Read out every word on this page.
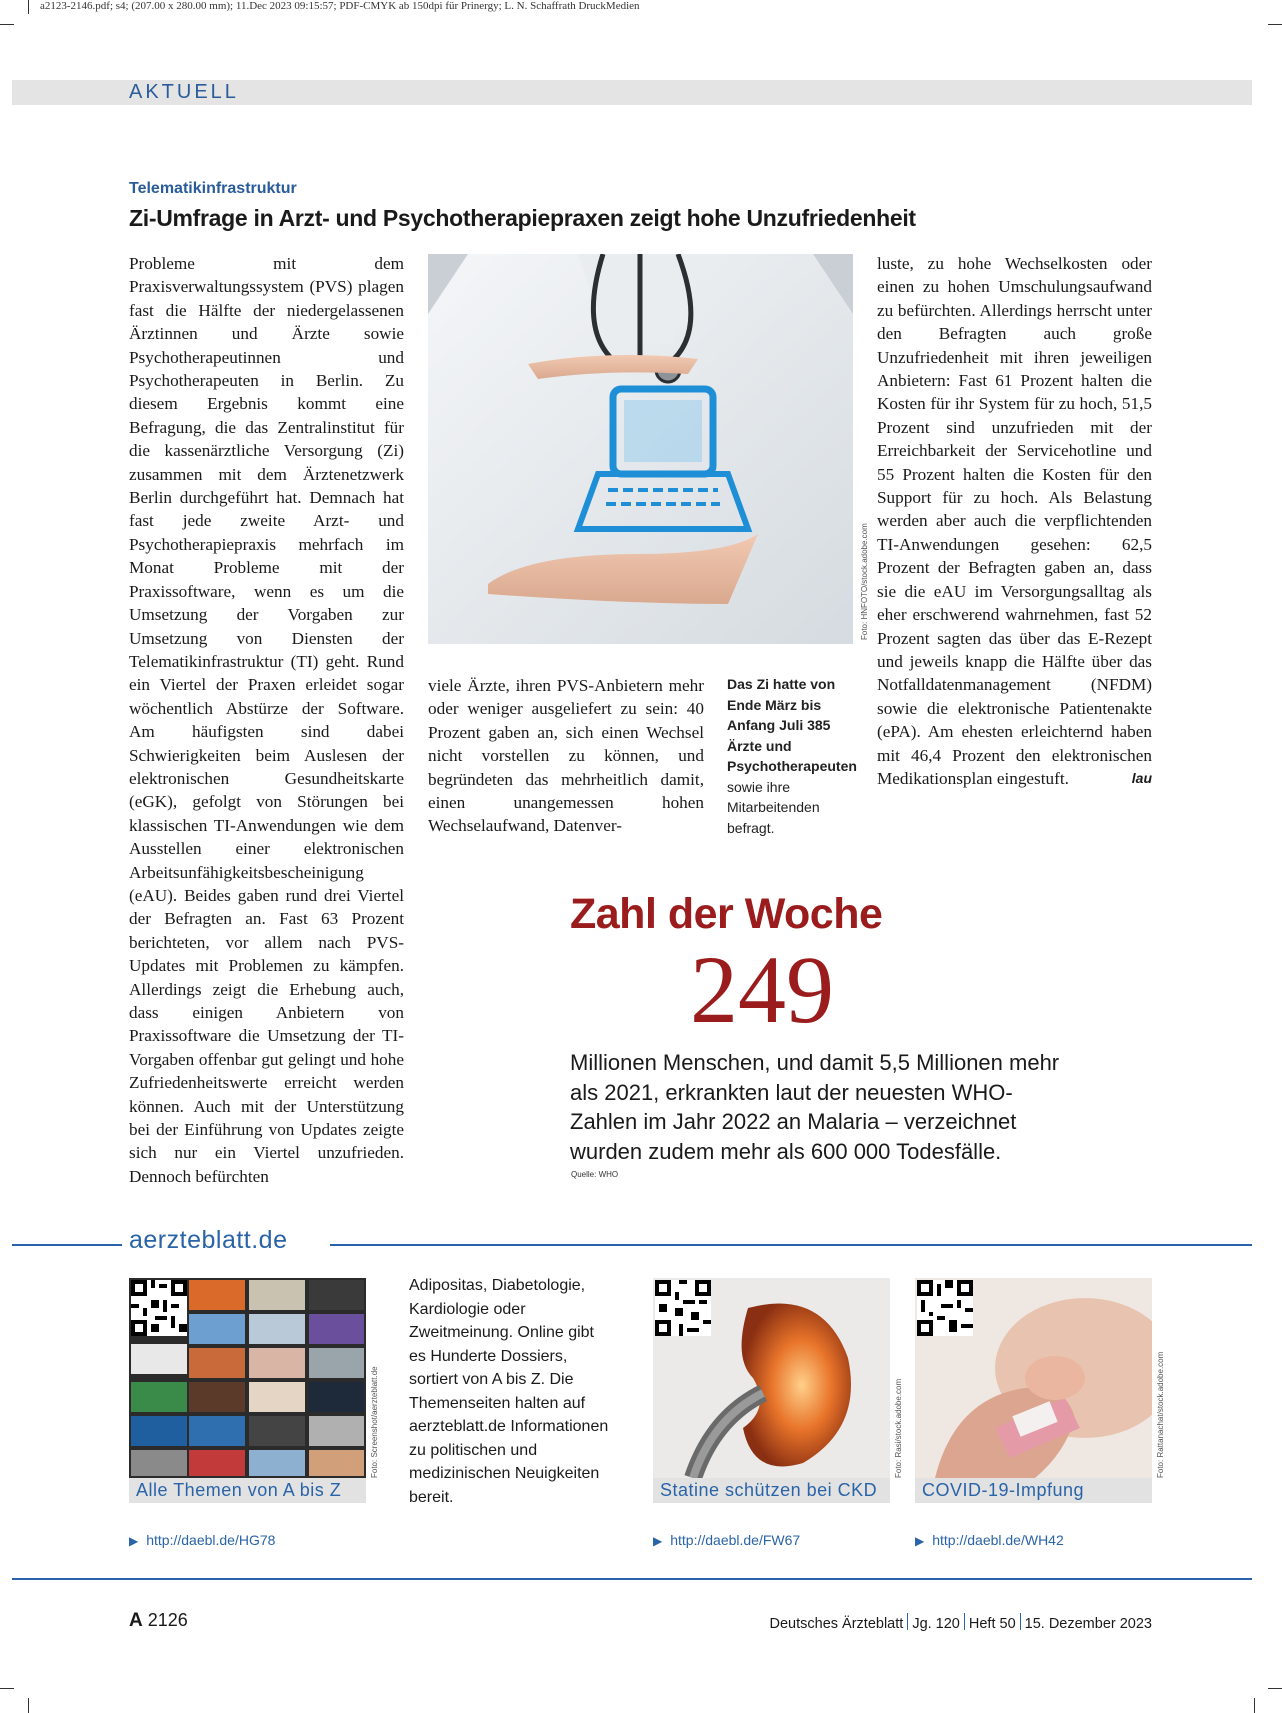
a2123-2146.pdf; s4; (207.00 x 280.00 mm); 11.Dec 2023 09:15:57; PDF-CMYK ab 150dpi für Prinergy; L. N. Schaffrath DruckMedien
AKTUELL
Telematikinfrastruktur
Zi-Umfrage in Arzt- und Psychotherapiepraxen zeigt hohe Unzufriedenheit
Probleme mit dem Praxisverwaltungssystem (PVS) plagen fast die Hälfte der niedergelassenen Ärztinnen und Ärzte sowie Psychotherapeutinnen und Psychotherapeuten in Berlin. Zu diesem Ergebnis kommt eine Befragung, die das Zentralinstitut für die kassenärztliche Versorgung (Zi) zusammen mit dem Ärztenetzwerk Berlin durchgeführt hat. Demnach hat fast jede zweite Arzt- und Psychotherapiepraxis mehrfach im Monat Probleme mit der Praxissoftware, wenn es um die Umsetzung der Vorgaben zur Umsetzung von Diensten der Telematikinfrastruktur (TI) geht. Rund ein Viertel der Praxen erleidet sogar wöchentlich Abstürze der Software. Am häufigsten sind dabei Schwierigkeiten beim Auslesen der elektronischen Gesundheitskarte (eGK), gefolgt von Störungen bei klassischen TI-Anwendungen wie dem Ausstellen einer elektronischen Arbeitsunfähigkeitsbescheinigung (eAU). Beides gaben rund drei Viertel der Befragten an. Fast 63 Prozent berichteten, vor allem nach PVS-Updates mit Problemen zu kämpfen. Allerdings zeigt die Erhebung auch, dass einigen Anbietern von Praxissoftware die Umsetzung der TI-Vorgaben offenbar gut gelingt und hohe Zufriedenheitswerte erreicht werden können. Auch mit der Unterstützung bei der Einführung von Updates zeigte sich nur ein Viertel unzufrieden. Dennoch befürchten
Foto: HNFOTO/stock.adobe.com
viele Ärzte, ihren PVS-Anbietern mehr oder weniger ausgeliefert zu sein: 40 Prozent gaben an, sich einen Wechsel nicht vorstellen zu können, und begründeten das mehrheitlich damit, einen unangemessen hohen Wechselaufwand, Datenver-
Das Zi hatte von Ende März bis Anfang Juli 385 Ärzte und Psychotherapeuten sowie ihre Mitarbeitenden befragt.
luste, zu hohe Wechselkosten oder einen zu hohen Umschulungsaufwand zu befürchten. Allerdings herrscht unter den Befragten auch große Unzufriedenheit mit ihren jeweiligen Anbietern: Fast 61 Prozent halten die Kosten für ihr System für zu hoch, 51,5 Prozent sind unzufrieden mit der Erreichbarkeit der Servicehotline und 55 Prozent halten die Kosten für den Support für zu hoch. Als Belastung werden aber auch die verpflichtenden TI-Anwendungen gesehen: 62,5 Prozent der Befragten gaben an, dass sie die eAU im Versorgungsalltag als eher erschwerend wahrnehmen, fast 52 Prozent sagten das über das E-Rezept und jeweils knapp die Hälfte über das Notfalldatenmanagement (NFDM) sowie die elektronische Patientenakte (ePA). Am ehesten erleichternd haben mit 46,4 Prozent den elektronischen Medikationsplan eingestuft.	lau
Zahl der Woche
249
Millionen Menschen, und damit 5,5 Millionen mehr als 2021, erkrankten laut der neuesten WHO-Zahlen im Jahr 2022 an Malaria – verzeichnet wurden zudem mehr als 600 000 Todesfälle.
Quelle: WHO
aerzteblatt.de
Foto: Screenshot/aerzteblatt.de
Alle Themen von A bis Z
▶ http://daebl.de/HG78
Adipositas, Diabetologie, Kardiologie oder Zweitmeinung. Online gibt es Hunderte Dossiers, sortiert von A bis Z. Die Themenseiten halten auf aerzteblatt.de Informationen zu politischen und medizinischen Neuigkeiten bereit.
Foto: Rasi/stock.adobe.com
Statine schützen bei CKD
▶ http://daebl.de/FW67
Foto: Rattanachat/stock.adobe.com
COVID-19-Impfung
▶ http://daebl.de/WH42
A 2126	Deutsches Ärzteblatt Jg. 120 Heft 50 15. Dezember 2023
